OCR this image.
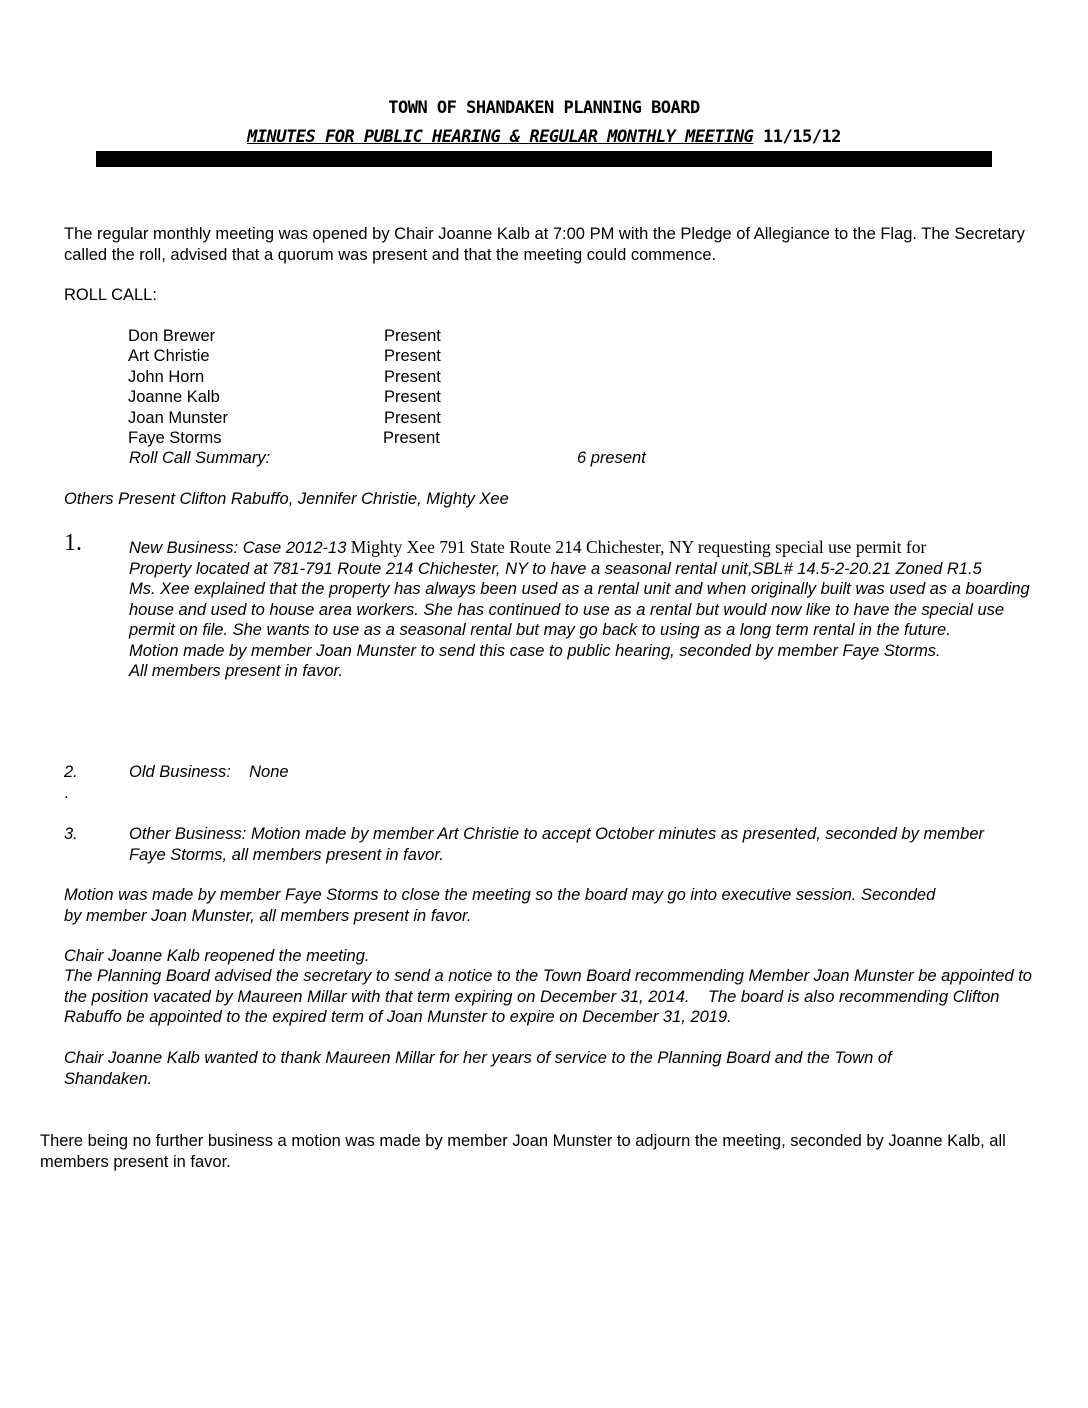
TOWN OF SHANDAKEN PLANNING BOARD
MINUTES FOR PUBLIC HEARING & REGULAR MONTHLY MEETING 11/15/12
The regular monthly meeting was opened by Chair Joanne Kalb at 7:00 PM with the Pledge of Allegiance to the Flag. The Secretary called the roll, advised that a quorum was present and that the meeting could commence.
ROLL CALL:
Don Brewer	Present
Art Christie	Present
John Horn	Present
Joanne Kalb	Present
Joan Munster	Present
Faye Storms	Present
Roll Call Summary:	6 present
Others Present Clifton Rabuffo, Jennifer Christie, Mighty Xee
1.	New Business: Case 2012-13 Mighty Xee 791 State Route 214 Chichester, NY requesting special use permit for
Property located at 781-791 Route 214 Chichester, NY to have a seasonal rental unit,SBL# 14.5-2-20.21 Zoned R1.5
Ms. Xee explained that the property has always been used as a rental unit and when originally built was used as a boarding house and used to house area workers. She has continued to use as a rental but would now like to have the special use permit on file. She wants to use as a seasonal rental but may go back to using as a long term rental in the future.
Motion made by member Joan Munster to send this case to public hearing, seconded by member Faye Storms.
All members present in favor.
2.	Old Business:    None
.
3.	Other Business: Motion made by member Art Christie to accept October minutes as presented, seconded by member Faye Storms, all members present in favor.
Motion was made by member Faye Storms to close the meeting so the board may go into executive session. Seconded by member Joan Munster, all members present in favor.
Chair Joanne Kalb reopened the meeting.
The Planning Board advised the secretary to send a notice to the Town Board recommending Member Joan Munster be appointed to the position vacated by Maureen Millar with that term expiring on December 31, 2014.    The board is also recommending Clifton Rabuffo be appointed to the expired term of Joan Munster to expire on December 31, 2019.
Chair Joanne Kalb wanted to thank Maureen Millar for her years of service to the Planning Board and the Town of Shandaken.
There being no further business a motion was made by member Joan Munster to adjourn the meeting, seconded by Joanne Kalb, all members present in favor.
